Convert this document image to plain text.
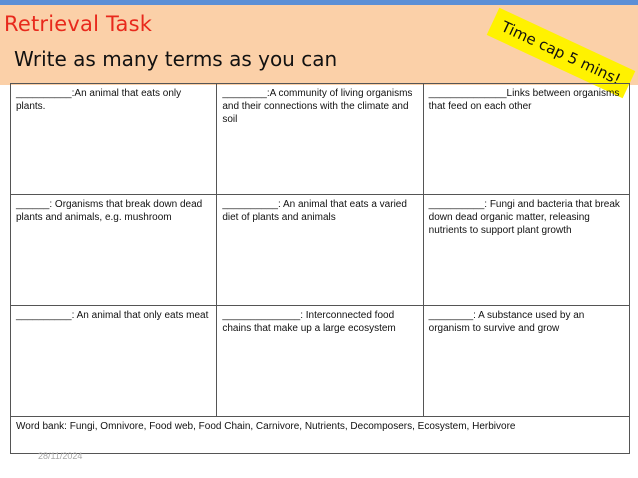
Retrieval Task
Write as many terms as you can	Time cap 5 mins!
__________:An animal that eats only plants.	________:A community of living organisms and their connections with the climate and soil	______________Links between organisms that feed on each other
______: Organisms that break down dead plants and animals, e.g. mushroom	__________: An animal that eats a varied diet of plants and animals	__________: Fungi and bacteria that break down dead organic matter, releasing nutrients to support plant growth
__________: An animal that only eats meat	______________: Interconnected food chains that make up a large ecosystem	________: A substance used by an organism to survive and grow
Word bank: Fungi, Omnivore, Food web, Food Chain, Carnivore, Nutrients, Decomposers, Ecosystem, Herbivore		
28/11/2024
